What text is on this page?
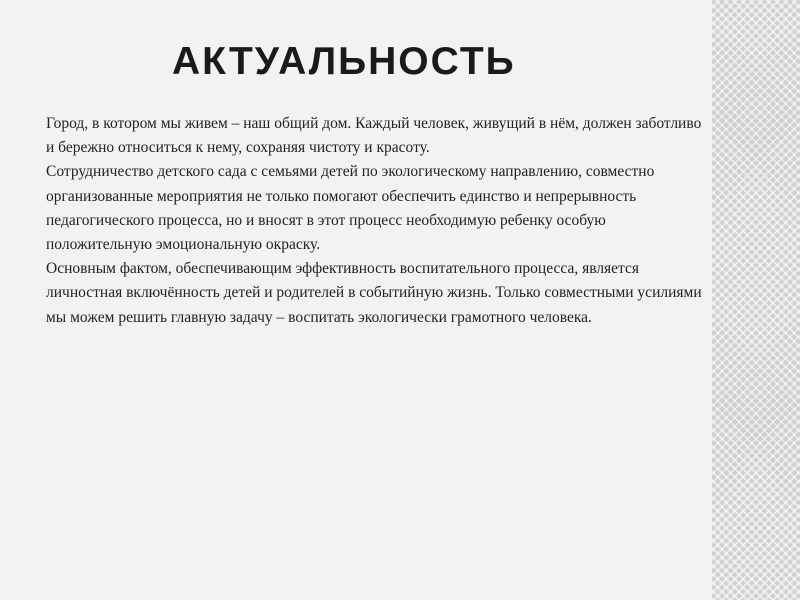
АКТУАЛЬНОСТЬ

Город, в котором мы живем – наш общий дом. Каждый человек, живущий в нём, должен заботливо и бережно относиться к нему, сохраняя чистоту и красоту.

Сотрудничество детского сада с семьями детей по экологическому направлению, совместно организованные мероприятия не только помогают обеспечить единство и непрерывность педагогического процесса, но и вносят в этот процесс необходимую ребенку особую положительную эмоциональную окраску.

Основным фактом, обеспечивающим эффективность воспитательного процесса, является личностная включённость детей и родителей в событийную жизнь. Только совместными усилиями мы можем решить главную задачу – воспитать экологически грамотного человека.
